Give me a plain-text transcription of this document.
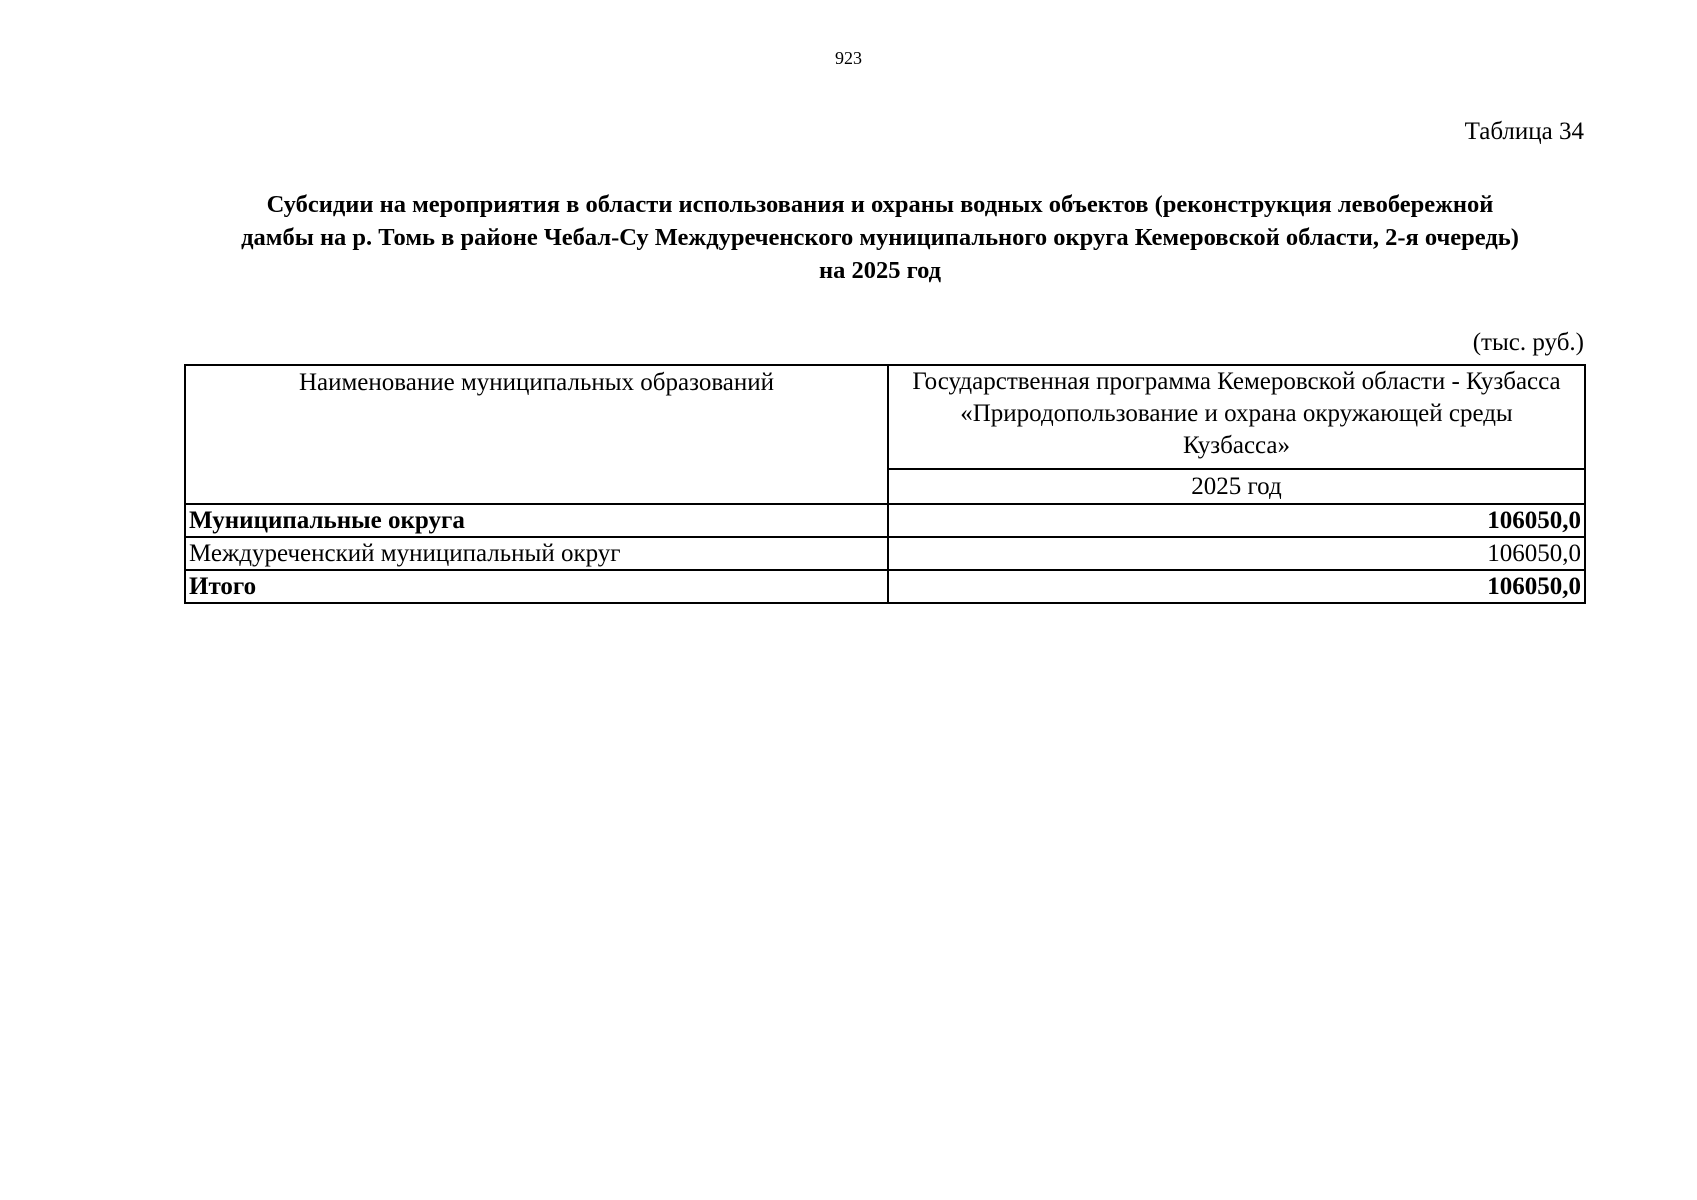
923
Таблица 34
Субсидии на мероприятия в области использования и охраны водных объектов (реконструкция левобережной
дамбы на р. Томь в районе Чебал-Су Междуреченского муниципального округа Кемеровской области, 2-я очередь)
на 2025 год
(тыс. руб.)
Наименование муниципальных образований	Государственная программа Кемеровской области - Кузбасса
«Природопользование и охрана окружающей среды
Кузбасса»

	2025 год
Муниципальные округа	106050,0
Междуреченский муниципальный округ	106050,0
Итого	106050,0
